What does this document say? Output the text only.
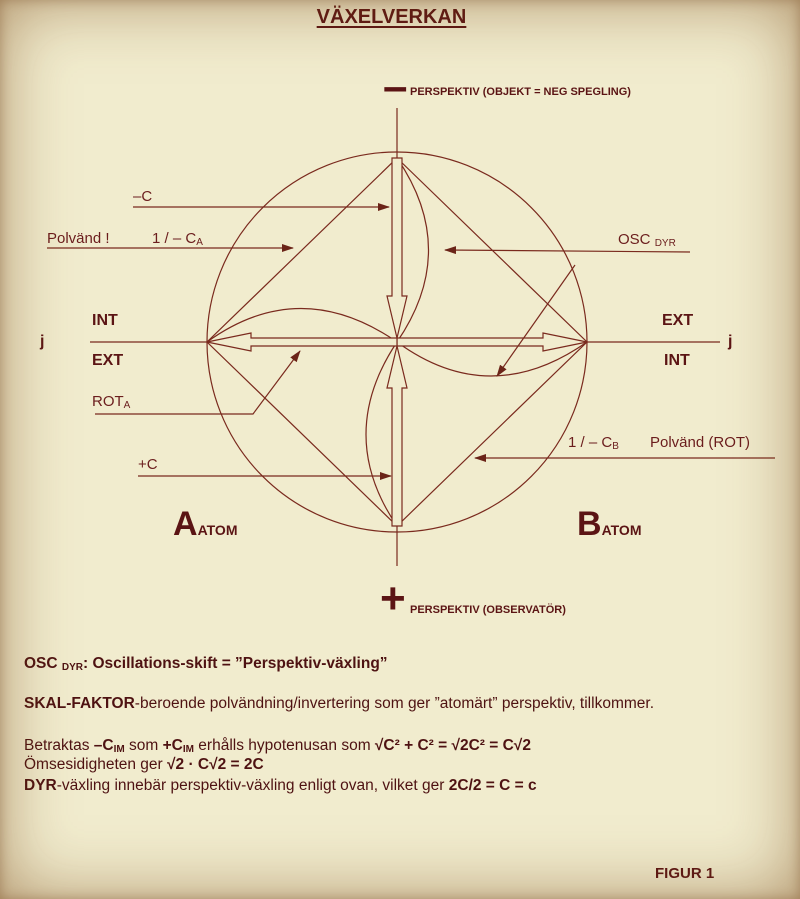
VÄXELVERKAN
– PERSPEKTIV (OBJEKT = NEG SPEGLING)
+ PERSPEKTIV (OBSERVATÖR)
j
INT
EXT
j
EXT
INT
–C
Polvänd !	1 / – $C_A$	OSC $_{DYR}$
$ROT_A$
1 / – $C_B$ Polvänd (ROT)
+C
AATOM	BATOM
OSC $_{DYR}$: Oscillations-skift = ”Perspektiv-växling”
SKAL-FAKTOR-beroende polvändning/invertering som ger ”atomärt” perspektiv, tillkommer.
Betraktas $-C_{IM}$ som $+C_{IM}$ erhålls hypotenusan som √C² + C² = √2C² = C√2
Ömsesidigheten ger √2 · C√2 = 2C
DYR-växling innebär perspektiv-växling enligt ovan, vilket ger 2C/2 = C = c
FIGUR 1
